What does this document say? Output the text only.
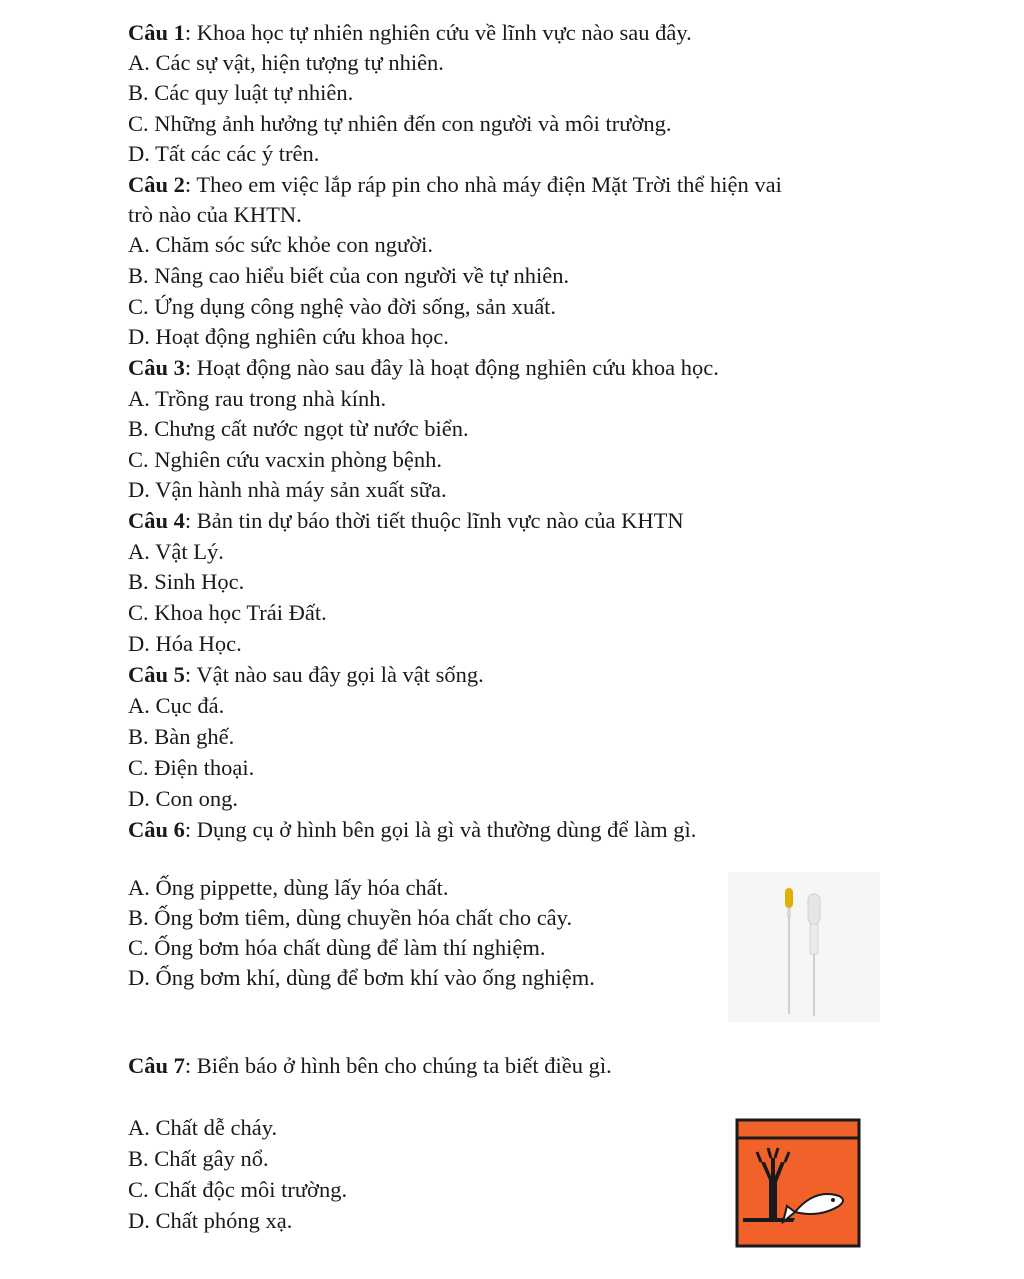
Câu 1: Khoa học tự nhiên nghiên cứu về lĩnh vực nào sau đây.
A. Các sự vật, hiện tượng tự nhiên.
B. Các quy luật tự nhiên.
C. Những ảnh hưởng tự nhiên đến con người và môi trường.
D. Tất các các ý trên.
Câu 2: Theo em việc lắp ráp pin cho nhà máy điện Mặt Trời thể hiện vai
trò nào của KHTN.
A. Chăm sóc sức khỏe con người.
B. Nâng cao hiểu biết của con người về tự nhiên.
C. Ứng dụng công nghệ vào đời sống, sản xuất.
D. Hoạt động nghiên cứu khoa học.
Câu 3: Hoạt động nào sau đây là hoạt động nghiên cứu khoa học.
A. Trồng rau trong nhà kính.
B. Chưng cất nước ngọt từ nước biển.
C. Nghiên cứu vacxin phòng bệnh.
D. Vận hành nhà máy sản xuất sữa.
Câu 4: Bản tin dự báo thời tiết thuộc lĩnh vực nào của KHTN
A. Vật Lý.
B. Sinh Học.
C. Khoa học Trái Đất.
D. Hóa Học.
Câu 5: Vật nào sau đây gọi là vật sống.
A. Cục đá.
B. Bàn ghế.
C. Điện thoại.
D. Con ong.
Câu 6: Dụng cụ ở hình bên gọi là gì và thường dùng để làm gì.
A. Ống pippette, dùng lấy hóa chất.
B. Ống bơm tiêm, dùng chuyền hóa chất cho cây.
C. Ống bơm hóa chất dùng để làm thí nghiệm.
D. Ống bơm khí, dùng để bơm khí vào ống nghiệm.
Câu 7: Biển báo ở hình bên cho chúng ta biết điều gì.
A. Chất dễ cháy.
B. Chất gây nổ.
C. Chất độc môi trường.
D. Chất phóng xạ.
